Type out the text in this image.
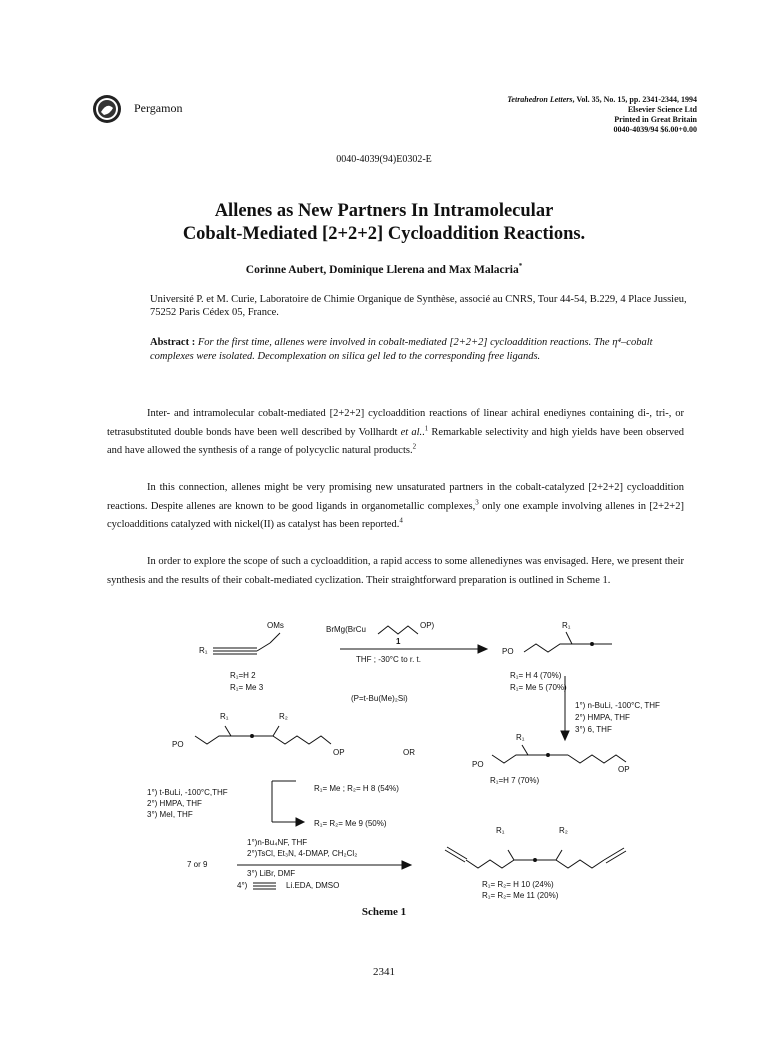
Pergamon
Tetrahedron Letters, Vol. 35, No. 15, pp. 2341-2344, 1994
Elsevier Science Ltd
Printed in Great Britain
0040-4039/94 $6.00+0.00
0040-4039(94)E0302-E
Allenes as New Partners In Intramolecular
Cobalt-Mediated [2+2+2] Cycloaddition Reactions.
Corinne Aubert, Dominique Llerena and Max Malacria*
Université P. et M. Curie, Laboratoire de Chimie Organique de Synthèse, associé au CNRS, Tour 44-54, B.229, 4 Place Jussieu, 75252 Paris Cédex 05, France.
Abstract : For the first time, allenes were involved in cobalt-mediated [2+2+2] cycloaddition reactions. The η⁴–cobalt complexes were isolated. Decomplexation on silica gel led to the corresponding free ligands.
Inter- and intramolecular cobalt-mediated [2+2+2] cycloaddition reactions of linear achiral enediynes containing di-, tri-, or tetrasubstituted double bonds have been well described by Vollhardt et al..$^1$ Remarkable selectivity and high yields have been observed and have allowed the synthesis of a range of polycyclic natural products.$^2$
In this connection, allenes might be very promising new unsaturated partners in the cobalt-catalyzed [2+2+2] cycloaddition reactions. Despite allenes are known to be good ligands in organometallic complexes,$^3$ only one example involving allenes in [2+2+2] cycloadditions catalyzed with nickel(II) as catalyst has been reported.$^4$
In order to explore the scope of such a cycloaddition, a rapid access to some allenediynes was envisaged. Here, we present their synthesis and the results of their cobalt-mediated cyclization. Their straightforward preparation is outlined in Scheme 1.
OMs
R₁
R₁=H 2
R₁= Me 3
BrMg(BrCu	OP)
1
THF ; -30°C to r. t.
(P=t-Bu(Me)₂Si)
PO
R₁
R₁= H 4 (70%)
R₁= Me 5 (70%)
1°) n-BuLi, -100°C, THF
2°) HMPA, THF
3°) 6, THF
OR
PO
R₁
OP
R₁=H 7 (70%)
PO
R₁	R₂
OP
1°) t-BuLi, -100°C,THF
2°) HMPA, THF
3°) MeI, THF
R₁= Me ; R₂= H 8 (54%)
R₁= R₂= Me 9 (50%)
1°)n-Bu₄NF, THF
2°)TsCl, Et₃N, 4-DMAP, CH₂Cl₂
3°) LiBr, DMF
4°)	Li.EDA, DMSO
7 or 9
R₁	R₂
R₁= R₂= H 10 (24%)
R₁= R₂= Me 11 (20%)
Scheme 1
2341
